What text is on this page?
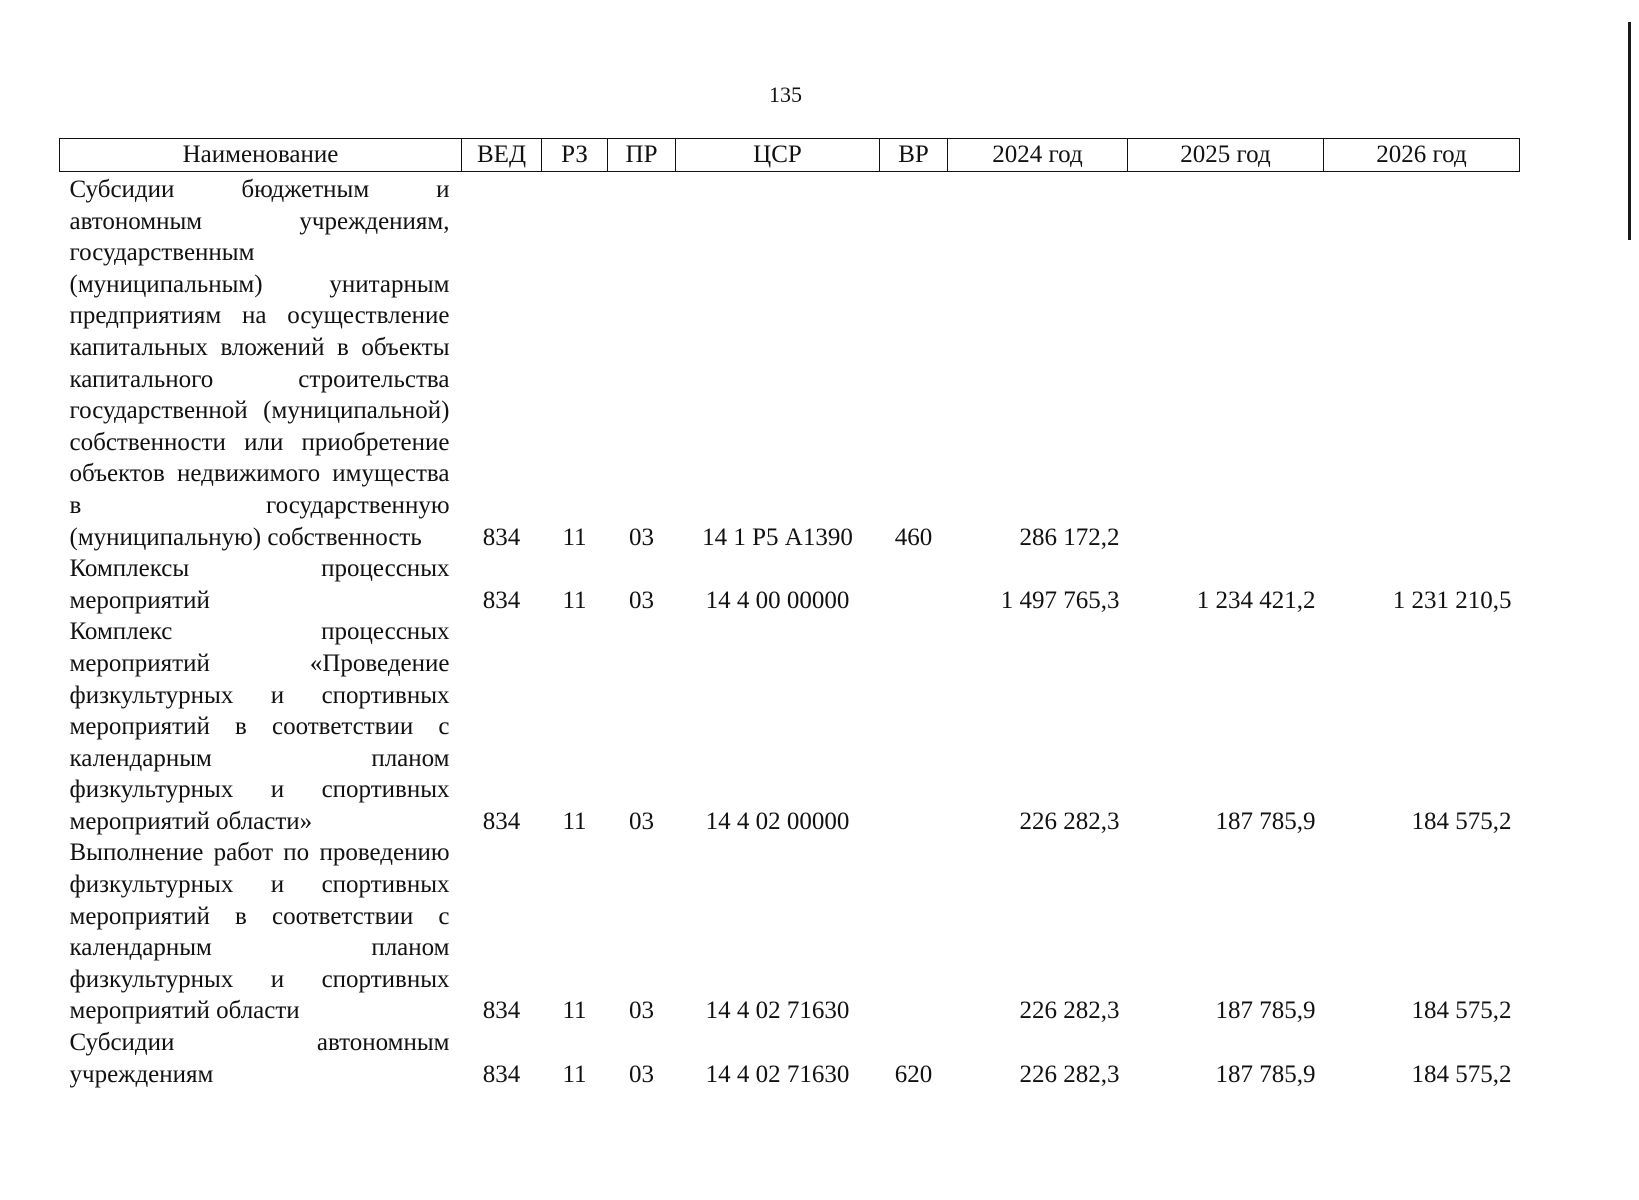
135
Наименование	ВЕД	РЗ	ПР	ЦСР	ВР	2024 год	2025 год	2026 год

Субсидии бюджетным и автономным учреждениям, государственным (муниципальным) унитарным предприятиям на осуществление капитальных вложений в объекты капитального строительства государственной (муниципальной) собственности или приобретение объектов недвижимого имущества в государственную (муниципальную) собственность	834	11	03	14 1 Р5 А1390	460	286 172,2		
Комплексы процессных мероприятий	834	11	03	14 4 00 00000		1 497 765,3	1 234 421,2	1 231 210,5
Комплекс процессных мероприятий «Проведение физкультурных и спортивных мероприятий в соответствии с календарным планом физкультурных и спортивных мероприятий области»	834	11	03	14 4 02 00000		226 282,3	187 785,9	184 575,2
Выполнение работ по проведению физкультурных и спортивных мероприятий в соответствии с календарным планом физкультурных и спортивных мероприятий области	834	11	03	14 4 02 71630		226 282,3	187 785,9	184 575,2
Субсидии автономным учреждениям	834	11	03	14 4 02 71630	620	226 282,3	187 785,9	184 575,2
